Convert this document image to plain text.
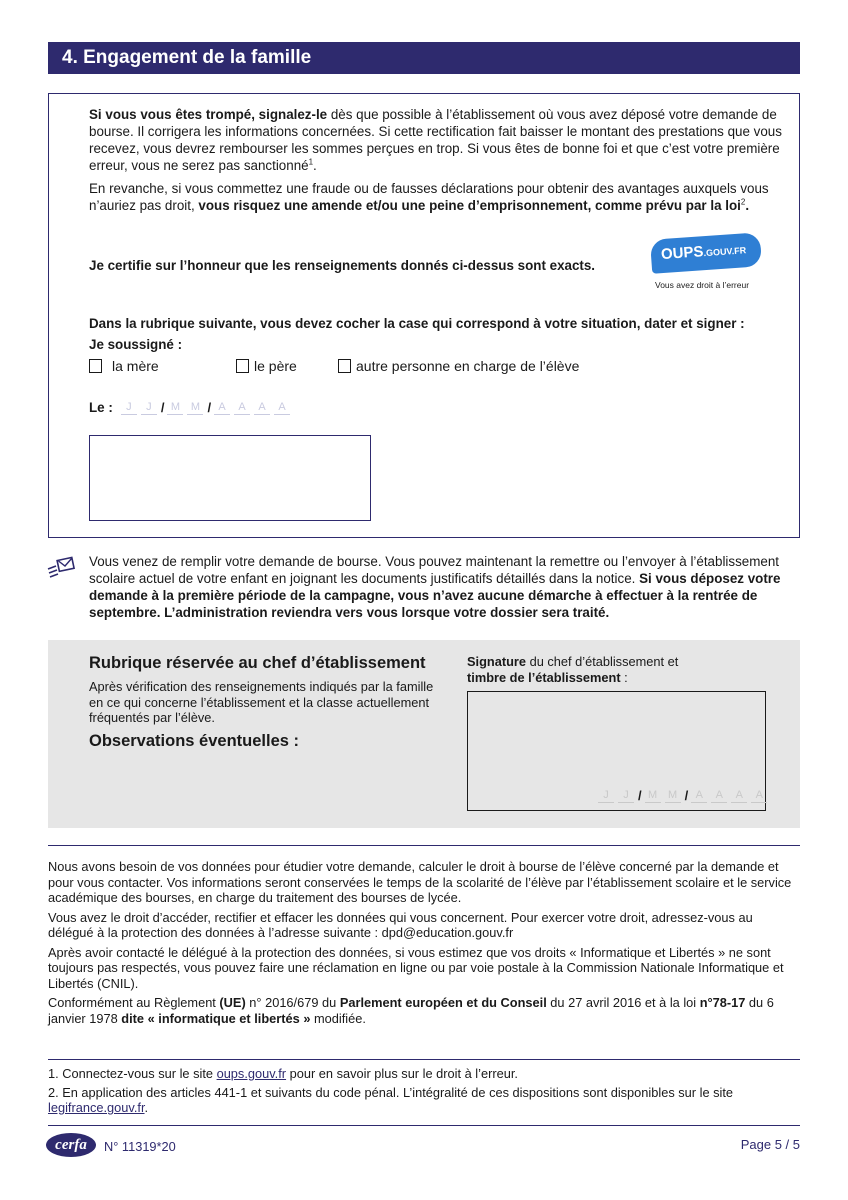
4. Engagement de la famille
Si vous vous êtes trompé, signalez-le dès que possible à l’établissement où vous avez déposé votre demande de bourse. Il corrigera les informations concernées. Si cette rectification fait baisser le montant des prestations que vous recevez, vous devrez rembourser les sommes perçues en trop. Si vous êtes de bonne foi et que c’est votre première erreur, vous ne serez pas sanctionné$^1$.
En revanche, si vous commettez une fraude ou de fausses déclarations pour obtenir des avantages auxquels vous n’auriez pas droit, vous risquez une amende et/ou une peine d’emprisonnement, comme prévu par la loi$^2$.
Je certifie sur l’honneur que les renseignements donnés ci-dessus sont exacts.
OUPS.GOUV.FR
Vous avez droit à l’erreur
Dans la rubrique suivante, vous devez cocher la case qui correspond à votre situation, dater et signer :
Je soussigné :
la mère	le père	autre personne en charge de l’élève
Le :	J	J / M M / A	A	A	A
Vous venez de remplir votre demande de bourse. Vous pouvez maintenant la remettre ou l’envoyer à l’établissement scolaire actuel de votre enfant en joignant les documents justificatifs détaillés dans la notice. Si vous déposez votre demande à la première période de la campagne, vous n’avez aucune démarche à effectuer à la rentrée de septembre. L’administration reviendra vers vous lorsque votre dossier sera traité.
Rubrique réservée au chef d’établissement
Après vérification des renseignements indiqués par la famille en ce qui concerne l’établissement et la classe actuellement fréquentés par l’élève.
Observations éventuelles :
Signature du chef d’établissement et
timbre de l’établissement :
J	J / M M / A	A	A	A

Nous avons besoin de vos données pour étudier votre demande, calculer le droit à bourse de l’élève concerné par la demande et pour vous contacter. Vos informations seront conservées le temps de la scolarité de l’élève par l’établissement scolaire et le service académique des bourses, en charge du traitement des bourses de lycée.

Vous avez le droit d’accéder, rectifier et effacer les données qui vous concernent. Pour exercer votre droit, adressez-vous au délégué à la protection des données à l’adresse suivante : dpd@education.gouv.fr

Après avoir contacté le délégué à la protection des données, si vous estimez que vos droits « Informatique et Libertés » ne sont toujours pas respectés, vous pouvez faire une réclamation en ligne ou par voie postale à la Commission Nationale Informatique et Libertés (CNIL).

Conformément au Règlement (UE) n° 2016/679 du Parlement européen et du Conseil du 27 avril 2016 et à la loi n°78-17 du 6 janvier 1978 dite « informatique et libertés » modifiée.

1. Connectez-vous sur le site oups.gouv.fr pour en savoir plus sur le droit à l’erreur.

2. En application des articles 441-1 et suivants du code pénal. L’intégralité de ces dispositions sont disponibles sur le site legifrance.gouv.fr.

cerfa	N° 11319*20	Page 5 / 5
